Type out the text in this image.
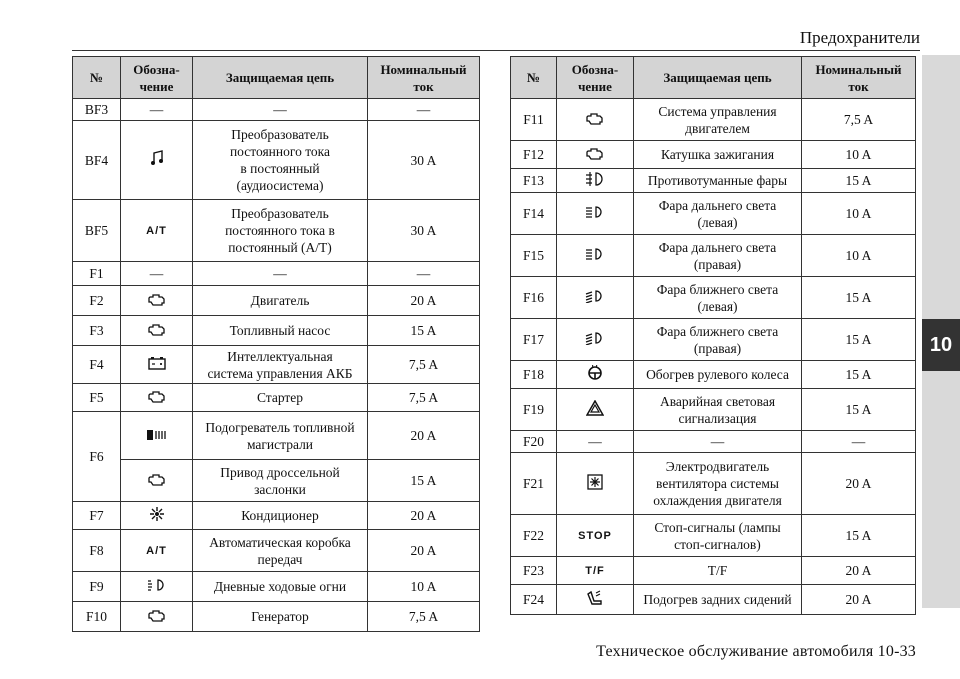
Предохранители
10
№	Обозна-
чение	Защищаемая цепь	Номинальный
ток
BF3	—	—	—
BF4		Преобразователь
постоянного тока
в постоянный
(аудиосистема)	30 A
BF5	A/T	Преобразователь
постоянного тока в
постоянный (A/T)	30 A
F1	—	—	—
F2		Двигатель	20 A
F3		Топливный насос	15 A
F4		Интеллектуальная
система управления АКБ	7,5 A
F5		Стартер	7,5 A
F6		Подогреватель топливной
магистрали	20 A

	Привод дроссельной
заслонки	15 A
F7		Кондиционер	20 A
F8	A/T	Автоматическая коробка
передач	20 A
F9		Дневные ходовые огни	10 A
F10		Генератор	7,5 A
№	Обозна-
чение	Защищаемая цепь	Номинальный
ток
F11		Система управления
двигателем	7,5 A
F12		Катушка зажигания	10 A
F13		Противотуманные фары	15 A
F14		Фара дальнего света
(левая)	10 A
F15		Фара дальнего света
(правая)	10 A
F16		Фара ближнего света
(левая)	15 A
F17		Фара ближнего света
(правая)	15 A
F18		Обогрев рулевого колеса	15 A
F19		Аварийная световая
сигнализация	15 A
F20	—	—	—
F21		Электродвигатель
вентилятора системы
охлаждения двигателя	20 A
F22	STOP	Стоп-сигналы (лампы
стоп-сигналов)	15 A
F23	T/F	T/F	20 A
F24		Подогрев задних сидений	20 A
Техническое обслуживание автомобиля 10-33
